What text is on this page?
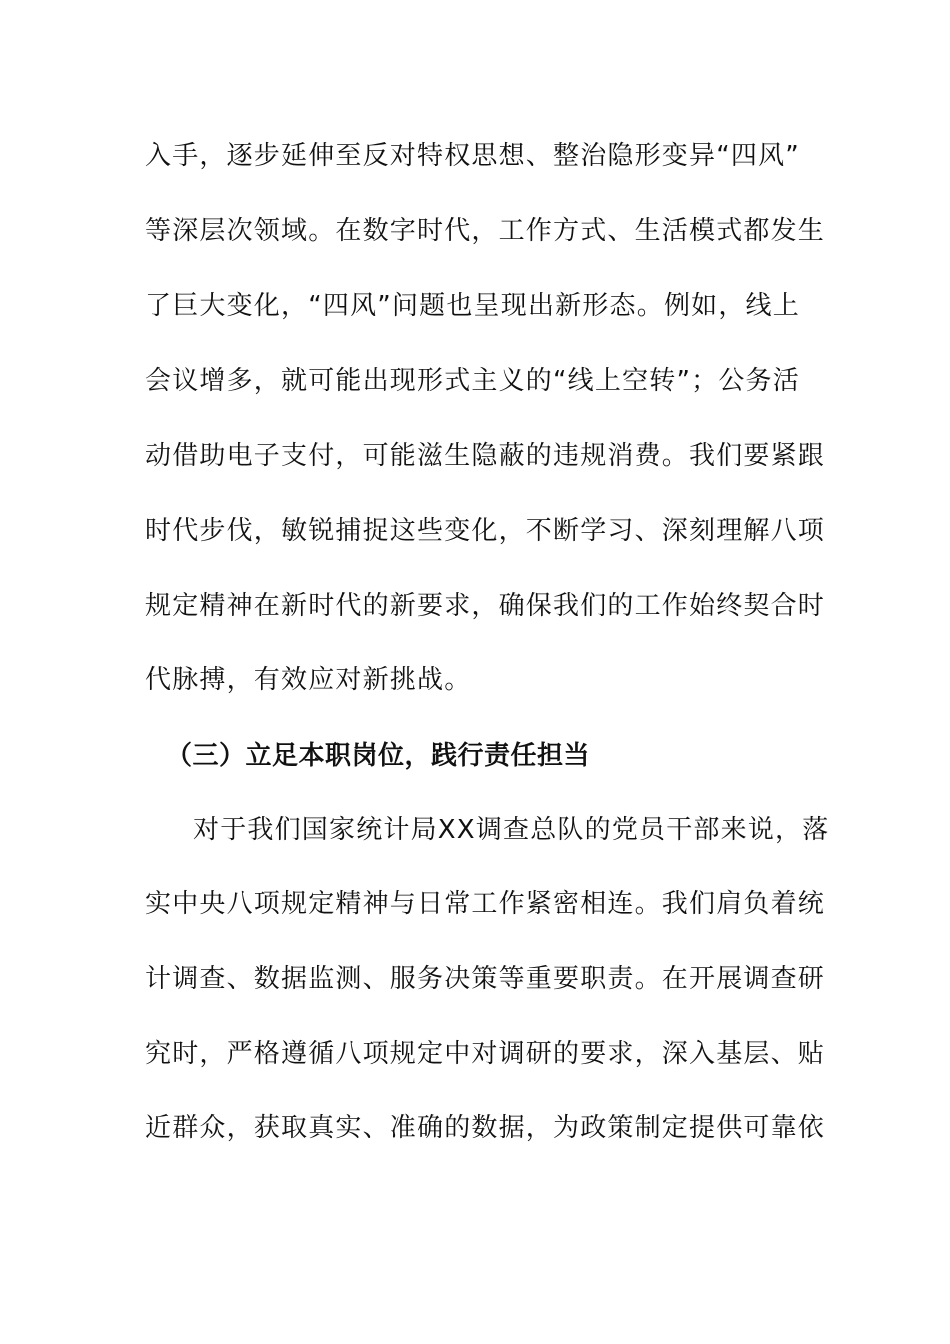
入手，逐步延伸至反对特权思想、整治隐形变异“四风”
等深层次领域。在数字时代，工作方式、生活模式都发生
了巨大变化，“四风”问题也呈现出新形态。例如，线上
会议增多，就可能出现形式主义的“线上空转”；公务活
动借助电子支付，可能滋生隐蔽的违规消费。我们要紧跟
时代步伐，敏锐捕捉这些变化，不断学习、深刻理解八项
规定精神在新时代的新要求，确保我们的工作始终契合时
代脉搏，有效应对新挑战。
（三）立足本职岗位，践行责任担当
对于我们国家统计局XX调查总队的党员干部来说，落
实中央八项规定精神与日常工作紧密相连。我们肩负着统
计调查、数据监测、服务决策等重要职责。在开展调查研
究时，严格遵循八项规定中对调研的要求，深入基层、贴
近群众，获取真实、准确的数据，为政策制定提供可靠依
